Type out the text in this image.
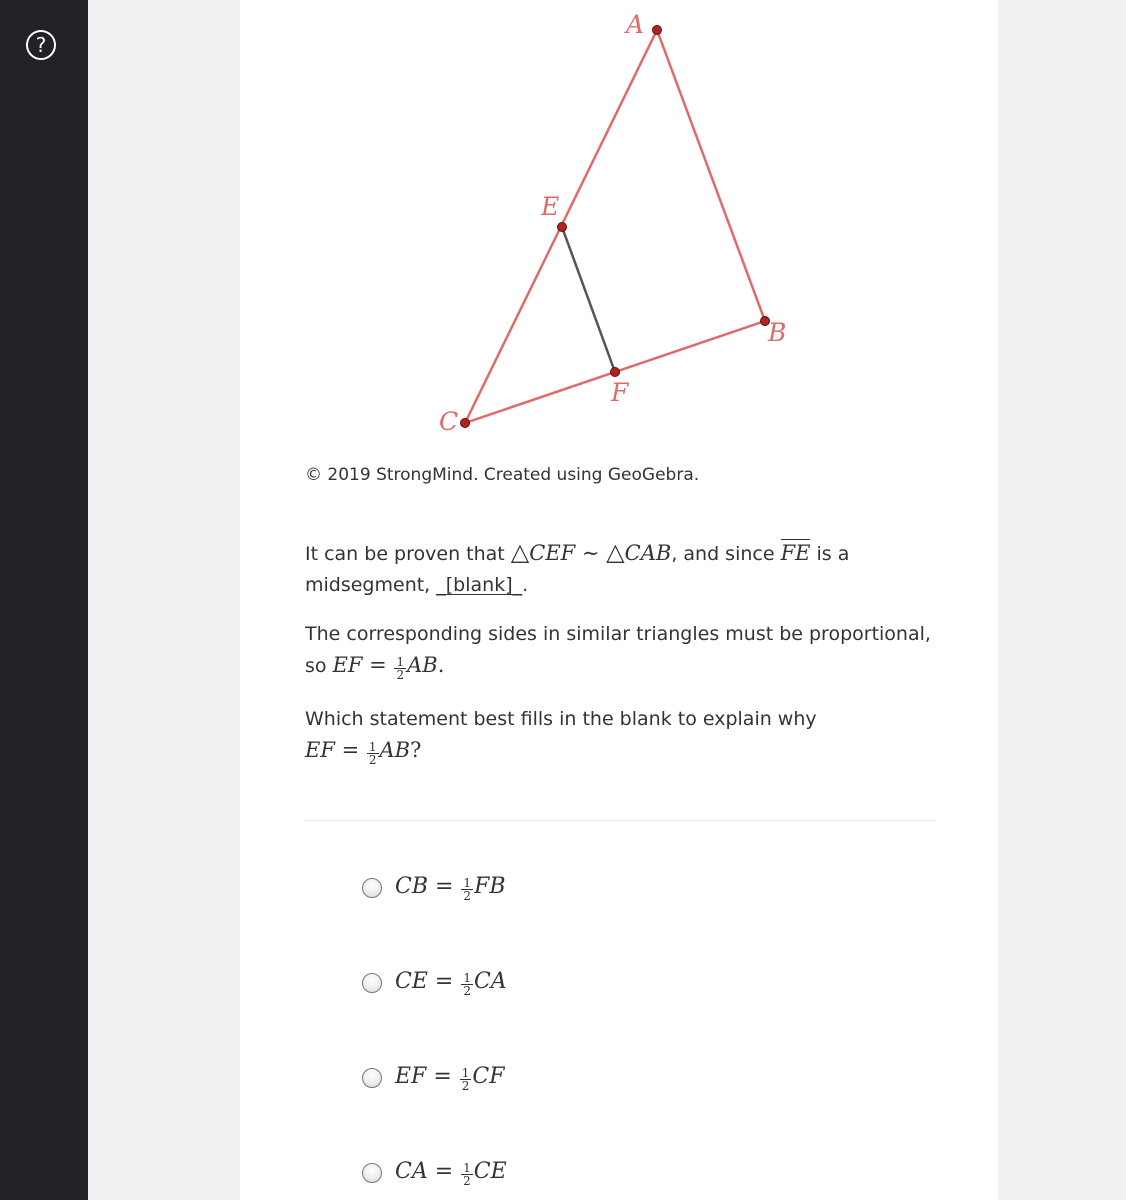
?
A
B
C
E
F
© 2019 StrongMind. Created using GeoGebra.
It can be proven that △CEF ∼ △CAB, and since FE is a midsegment, _[blank]_.
The corresponding sides in similar triangles must be proportional, so EF = $\frac{1}{2}$ AB.
Which statement best fills in the blank to explain why
EF = $\frac{1}{2}$ AB?
CB = $\frac{1}{2}$ FB
CE = $\frac{1}{2}$ CA
EF = $\frac{1}{2}$ CF
CA = $\frac{1}{2}$ CE
